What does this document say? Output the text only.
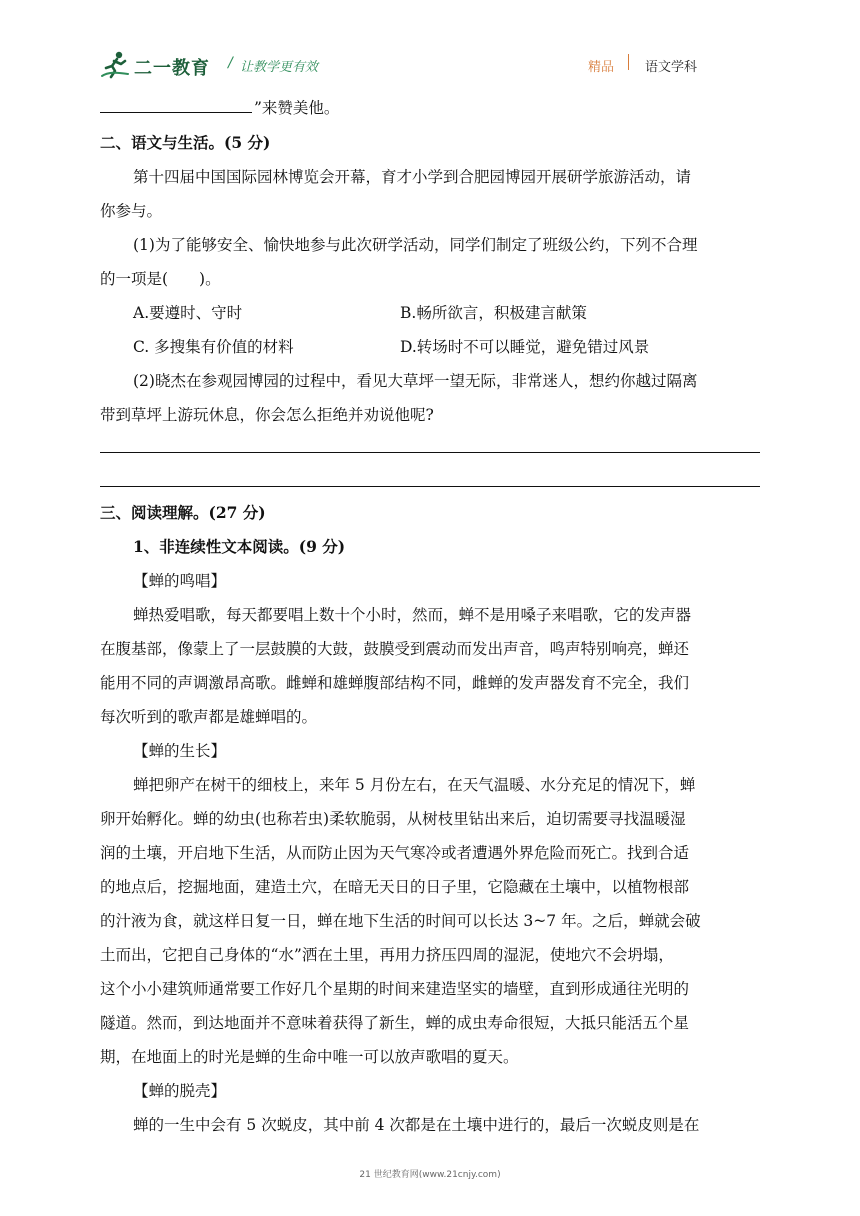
二一教育 / 让教学更有效	精品 语文学科
”来赞美他。
二、语文与生活。(5 分)
第十四届中国国际园林博览会开幕，育才小学到合肥园博园开展研学旅游活动，请
你参与。
(1)为了能够安全、愉快地参与此次研学活动，同学们制定了班级公约，下列不合理
的一项是(　　)。
A.要遵时、守时	B.畅所欲言，积极建言献策
C. 多搜集有价值的材料	D.转场时不可以睡觉，避免错过风景
(2)晓杰在参观园博园的过程中，看见大草坪一望无际，非常迷人，想约你越过隔离
带到草坪上游玩休息，你会怎么拒绝并劝说他呢?
三、阅读理解。(27 分)
1、非连续性文本阅读。(9 分)
【蝉的鸣唱】
蝉热爱唱歌，每天都要唱上数十个小时，然而，蝉不是用嗓子来唱歌，它的发声器
在腹基部，像蒙上了一层鼓膜的大鼓，鼓膜受到震动而发出声音，鸣声特别响亮，蝉还
能用不同的声调激昂高歌。雌蝉和雄蝉腹部结构不同，雌蝉的发声器发育不完全，我们
每次听到的歌声都是雄蝉唱的。
【蝉的生长】
蝉把卵产在树干的细枝上，来年 5 月份左右，在天气温暖、水分充足的情况下，蝉
卵开始孵化。蝉的幼虫(也称若虫)柔软脆弱，从树枝里钻出来后，迫切需要寻找温暖湿
润的土壤，开启地下生活，从而防止因为天气寒冷或者遭遇外界危险而死亡。找到合适
的地点后，挖掘地面，建造土穴，在暗无天日的日子里，它隐藏在土壤中，以植物根部
的汁液为食，就这样日复一日，蝉在地下生活的时间可以长达 3~7 年。之后，蝉就会破
土而出，它把自己身体的“水”洒在土里，再用力挤压四周的湿泥，使地穴不会坍塌，
这个小小建筑师通常要工作好几个星期的时间来建造坚实的墙壁，直到形成通往光明的
隧道。然而，到达地面并不意味着获得了新生，蝉的成虫寿命很短，大抵只能活五个星
期，在地面上的时光是蝉的生命中唯一可以放声歌唱的夏天。
【蝉的脱壳】
蝉的一生中会有 5 次蜕皮，其中前 4 次都是在土壤中进行的，最后一次蜕皮则是在
21 世纪教育网(www.21cnjy.com)
